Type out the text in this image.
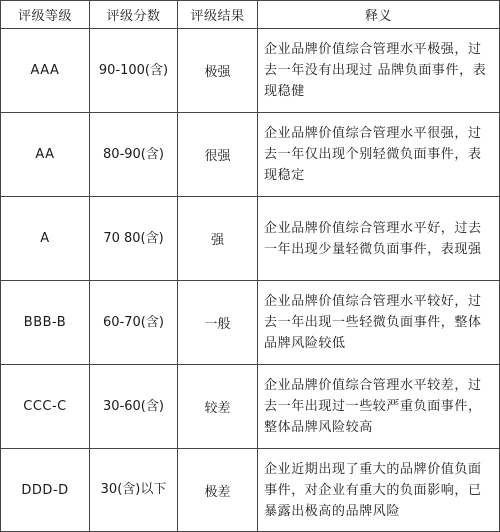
评级等级	评级分数	评级结果	释义
AAA	90-100(含)	极强	企业品牌价值综合管理水平极强，过去一年没有出现过 品牌负面事件，表现稳健
AA	80-90(含)	很强	企业品牌价值综合管理水平很强，过去一年仅出现个别轻微负面事件，表现稳定
A	70 80(含)	强	企业品牌价值综合管理水平好，过去一年出现少量轻微负面事件，表现强
BBB-B	60-70(含)	一般	企业品牌价值综合管理水平较好，过去一年出现一些轻微负面事件，整体品牌风险较低
CCC-C	30-60(含)	较差	企业品牌价值综合管理水平较差，过去一年出现过一些较严重负面事件，整体品牌风险较高
DDD-D	30(含)以下	极差	企业近期出现了重大的品牌价值负面事件，对企业有重大的负面影响，已暴露出极高的品牌风险
